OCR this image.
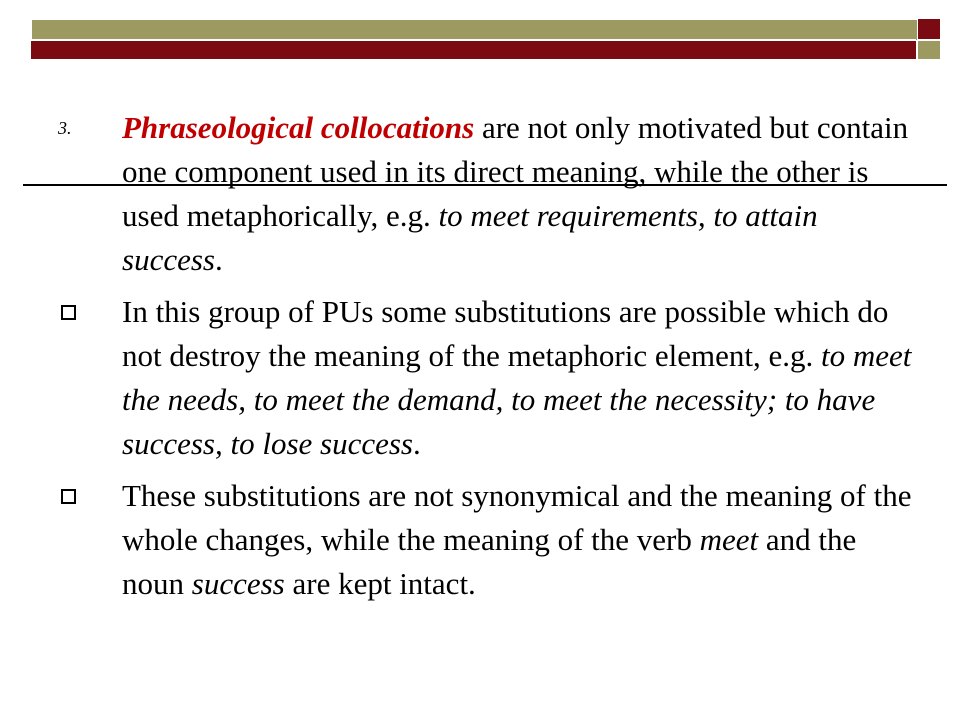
3. Phraseological collocations are not only motivated but contain one component used in its direct meaning, while the other is used metaphorically, e.g. to meet requirements, to attain success.
In this group of PUs some substitutions are possible which do not destroy the meaning of the metaphoric element, e.g. to meet the needs, to meet the demand, to meet the necessity; to have success, to lose success.
These substitutions are not synonymical and the meaning of the whole changes, while the meaning of the verb meet and the noun success are kept intact.
